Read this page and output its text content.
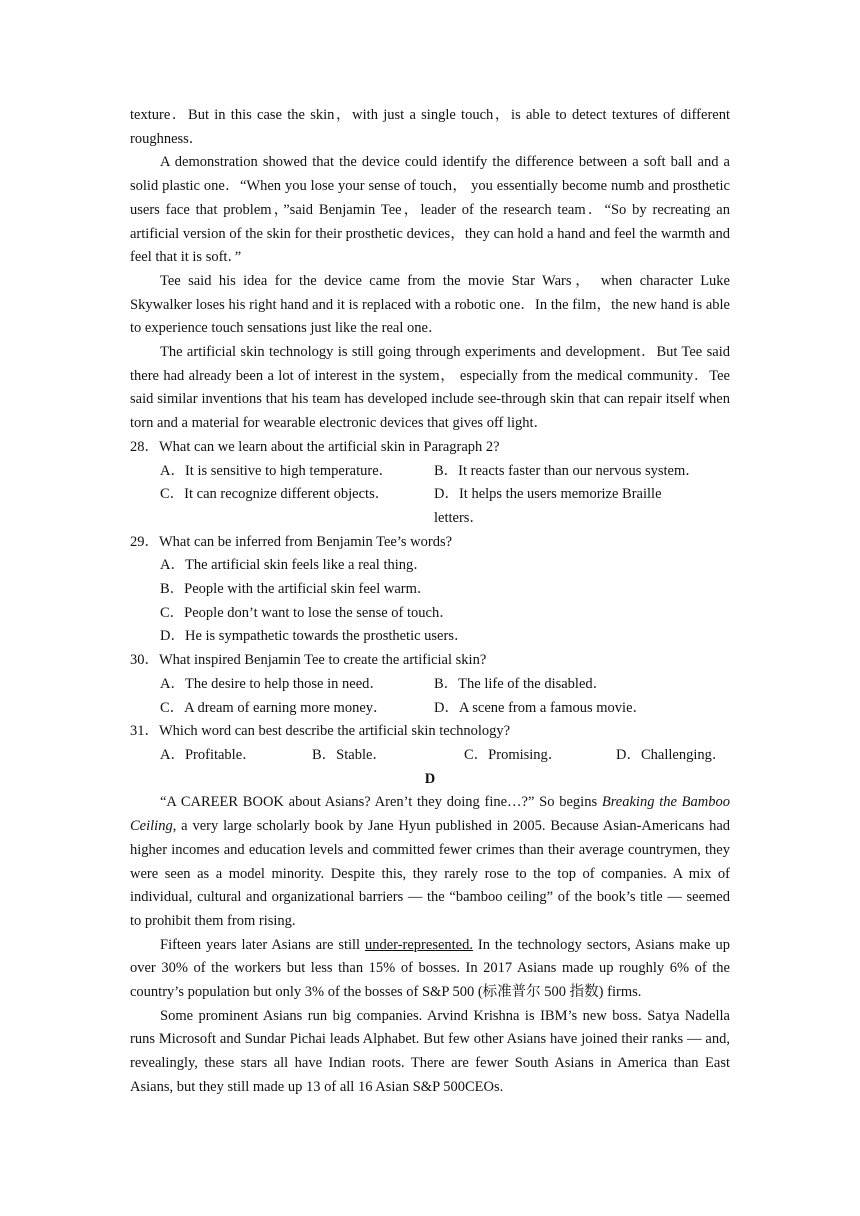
texture．But in this case the skin，with just a single touch，is able to detect textures of different roughness．

A demonstration showed that the device could identify the difference between a soft ball and a solid plastic one．“When you lose your sense of touch， you essentially become numb and prosthetic users face that problem，”said Benjamin Tee，leader of the research team．“So by recreating an artificial version of the skin for their prosthetic devices，they can hold a hand and feel the warmth and feel that it is soft．”

Tee said his idea for the device came from the movie Star Wars， when character Luke Skywalker loses his right hand and it is replaced with a robotic one．In the film，the new hand is able to experience touch sensations just like the real one．

The artificial skin technology is still going through experiments and development．But Tee said there had already been a lot of interest in the system， especially from the medical community．Tee said similar inventions that his team has developed include see-through skin that can repair itself when torn and a material for wearable electronic devices that gives off light．

28．What can we learn about the artificial skin in Paragraph 2?

A．It is sensitive to high temperature．	B．It reacts faster than our nervous system．
C．It can recognize different objects．	D．It helps the users memorize Braille letters．

29．What can be inferred from Benjamin Tee’s words?

A．The artificial skin feels like a real thing．
B．People with the artificial skin feel warm．
C．People don’t want to lose the sense of touch．
D．He is sympathetic towards the prosthetic users．

30．What inspired Benjamin Tee to create the artificial skin?

A．The desire to help those in need．	B．The life of the disabled．
C．A dream of earning more money．	D．A scene from a famous movie．

31．Which word can best describe the artificial skin technology?

A．Profitable．	B．Stable．	C．Promising．	D．Challenging．

D

“A CAREER BOOK about Asians? Aren’t they doing fine…?” So begins Breaking the Bamboo Ceiling, a very large scholarly book by Jane Hyun published in 2005. Because Asian-Americans had higher incomes and education levels and committed fewer crimes than their average countrymen, they were seen as a model minority. Despite this, they rarely rose to the top of companies. A mix of individual, cultural and organizational barriers — the “bamboo ceiling” of the book’s title — seemed to prohibit them from rising.

Fifteen years later Asians are still under-represented. In the technology sectors, Asians make up over 30% of the workers but less than 15% of bosses. In 2017 Asians made up roughly 6% of the country’s population but only 3% of the bosses of S&P 500 (标准普尔 500 指数) firms.

Some prominent Asians run big companies. Arvind Krishna is IBM’s new boss. Satya Nadella runs Microsoft and Sundar Pichai leads Alphabet. But few other Asians have joined their ranks — and, revealingly, these stars all have Indian roots. There are fewer South Asians in America than East Asians, but they still made up 13 of all 16 Asian S&P 500CEOs.
